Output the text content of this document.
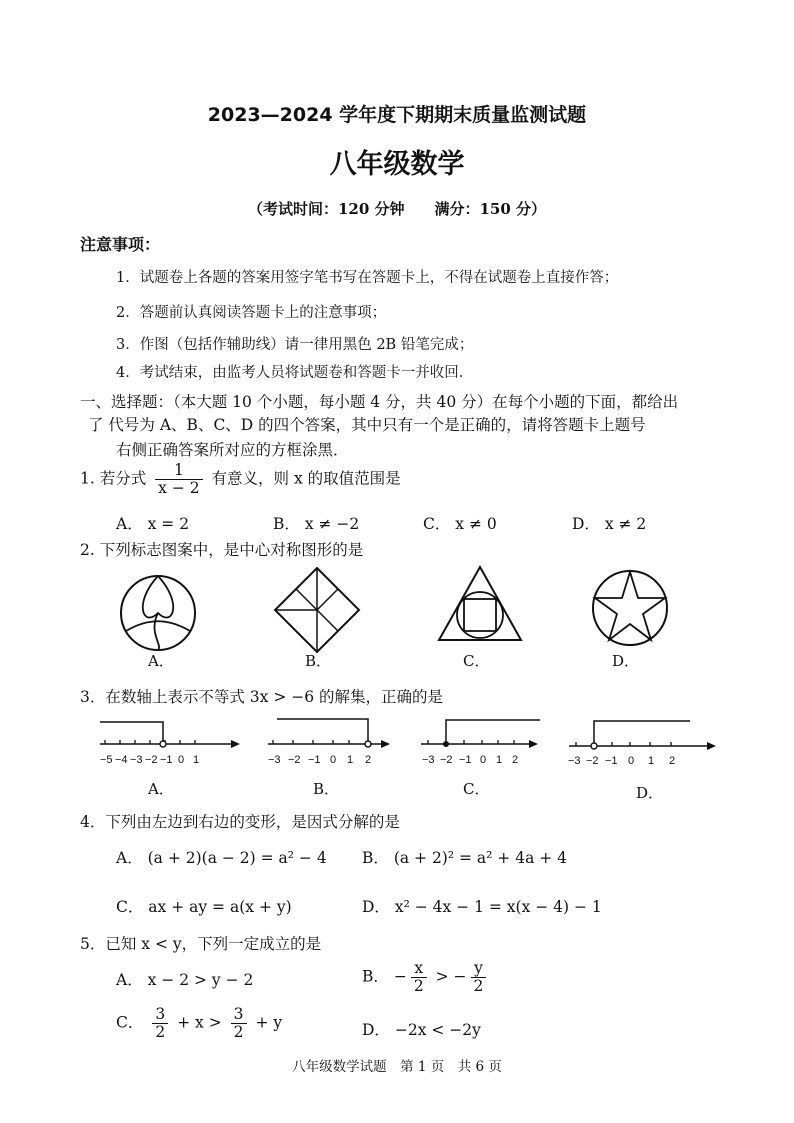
2023—2024 学年度下期期末质量监测试题
八年级数学
（考试时间：120 分钟　　满分：150 分）
注意事项：
1．试题卷上各题的答案用签字笔书写在答题卡上，不得在试题卷上直接作答；
2．答题前认真阅读答题卡上的注意事项；
3．作图（包括作辅助线）请一律用黑色 2B 铅笔完成；
4．考试结束，由监考人员将试题卷和答题卡一并收回．
一、选择题：（本大题 10 个小题，每小题 4 分，共 40 分）在每个小题的下面，都给出
了 代号为 A、B、C、D 的四个答案，其中只有一个是正确的，请将答题卡上题号
右侧正确答案所对应的方框涂黑．
1. 若分式 $\frac{1}{x - 2}$ 有意义，则 x 的取值范围是
A． x = 2	B． x ≠ −2	C． x ≠ 0	D． x ≠ 2
2. 下列标志图案中，是中心对称图形的是
A．	B．	C．	D．
3．在数轴上表示不等式 3x > −6 的解集，正确的是
−5 −4 −3 −2 −1 0 1
A．
−3 −2 −1 0 1 2
B．
−3 −2 −1 0 1 2
C．
−3 −2 −1 0 1 2
D．
4．下列由左边到右边的变形，是因式分解的是
A． (a + 2)(a − 2) = a² − 4 B． (a + 2)² = a² + 4a + 4
C． ax + ay = a(x + y)	D． x² − 4x − 1 = x(x − 4) − 1
5．已知 x < y，下列一定成立的是
A． x − 2 > y − 2	B． − $\frac{x}{2}$ > − $\frac{y}{2}$
C． $\frac{3}{2} + x > \frac{3}{2} + y$	D． −2x < −2y
八年级数学试题　第 1 页　共 6 页
